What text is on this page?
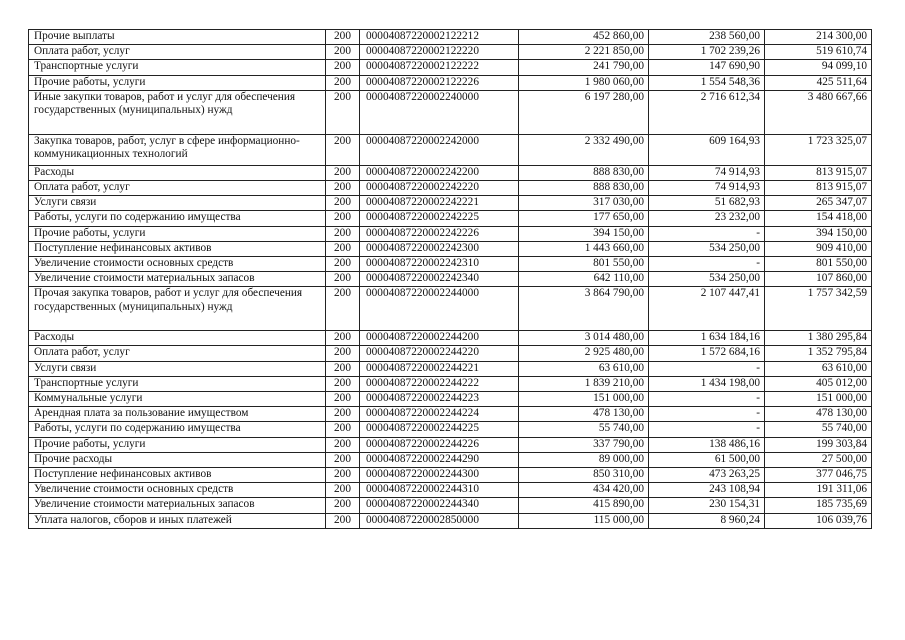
Прочие выплаты	200	00004087220002122212	452 860,00	238 560,00	214 300,00
Оплата работ, услуг	200	00004087220002122220	2 221 850,00	1 702 239,26	519 610,74
Транспортные услуги	200	00004087220002122222	241 790,00	147 690,90	94 099,10
Прочие работы, услуги	200	00004087220002122226	1 980 060,00	1 554 548,36	425 511,64
Иные закупки товаров, работ и услуг для обеспечения государственных (муниципальных) нужд	200	00004087220002240000	6 197 280,00	2 716 612,34	3 480 667,66
Закупка товаров, работ, услуг в сфере информационно-коммуникационных технологий	200	00004087220002242000	2 332 490,00	609 164,93	1 723 325,07
Расходы	200	00004087220002242200	888 830,00	74 914,93	813 915,07
Оплата работ, услуг	200	00004087220002242220	888 830,00	74 914,93	813 915,07
Услуги связи	200	00004087220002242221	317 030,00	51 682,93	265 347,07
Работы, услуги по содержанию имущества	200	00004087220002242225	177 650,00	23 232,00	154 418,00
Прочие работы, услуги	200	00004087220002242226	394 150,00	-	394 150,00
Поступление нефинансовых активов	200	00004087220002242300	1 443 660,00	534 250,00	909 410,00
Увеличение стоимости основных средств	200	00004087220002242310	801 550,00	-	801 550,00
Увеличение стоимости материальных запасов	200	00004087220002242340	642 110,00	534 250,00	107 860,00
Прочая закупка товаров, работ и услуг для обеспечения государственных (муниципальных) нужд	200	00004087220002244000	3 864 790,00	2 107 447,41	1 757 342,59
Расходы	200	00004087220002244200	3 014 480,00	1 634 184,16	1 380 295,84
Оплата работ, услуг	200	00004087220002244220	2 925 480,00	1 572 684,16	1 352 795,84
Услуги связи	200	00004087220002244221	63 610,00	-	63 610,00
Транспортные услуги	200	00004087220002244222	1 839 210,00	1 434 198,00	405 012,00
Коммунальные услуги	200	00004087220002244223	151 000,00	-	151 000,00
Арендная плата за пользование имуществом	200	00004087220002244224	478 130,00	-	478 130,00
Работы, услуги по содержанию имущества	200	00004087220002244225	55 740,00	-	55 740,00
Прочие работы, услуги	200	00004087220002244226	337 790,00	138 486,16	199 303,84
Прочие расходы	200	00004087220002244290	89 000,00	61 500,00	27 500,00
Поступление нефинансовых активов	200	00004087220002244300	850 310,00	473 263,25	377 046,75
Увеличение стоимости основных средств	200	00004087220002244310	434 420,00	243 108,94	191 311,06
Увеличение стоимости материальных запасов	200	00004087220002244340	415 890,00	230 154,31	185 735,69
Уплата налогов, сборов и иных платежей	200	00004087220002850000	115 000,00	8 960,24	106 039,76
